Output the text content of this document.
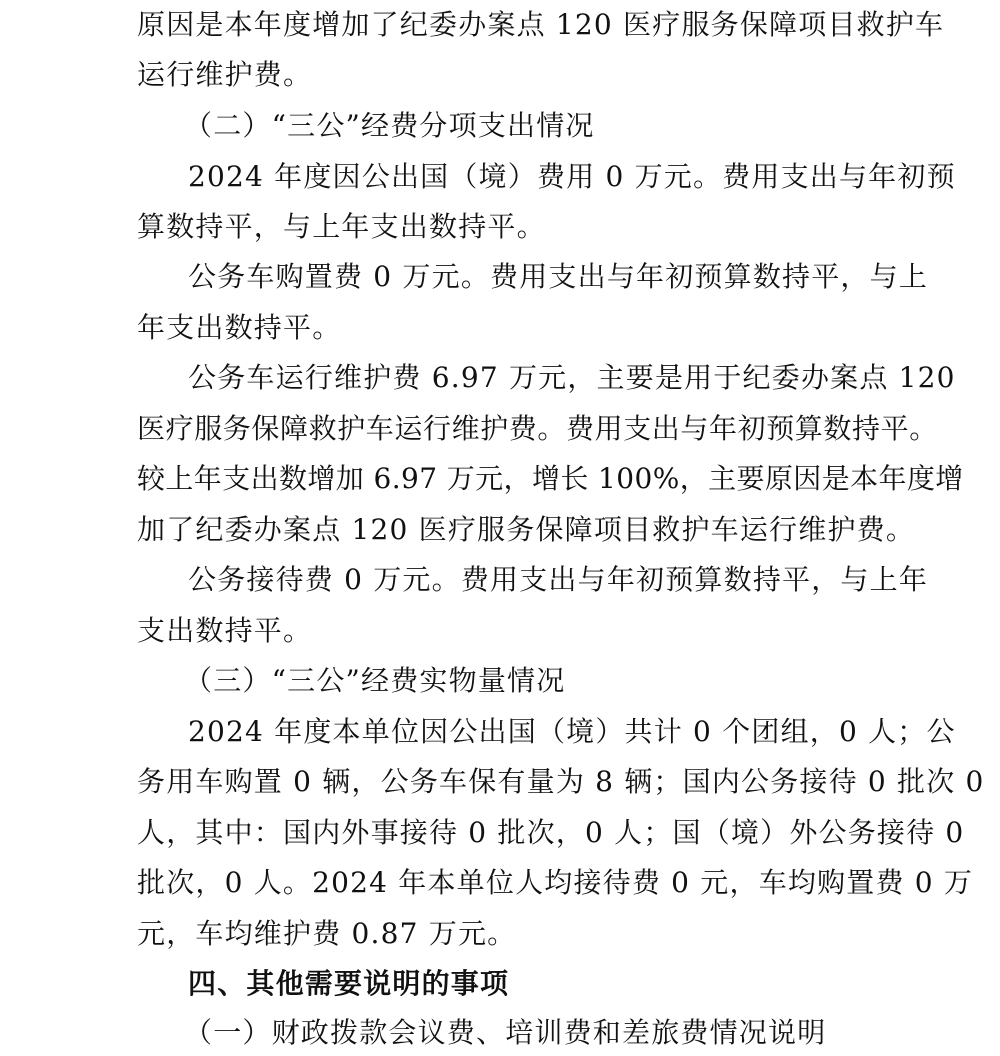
原因是本年度增加了纪委办案点 120 医疗服务保障项目救护车

运行维护费。

（二）“三公”经费分项支出情况

2024 年度因公出国（境）费用 0 万元。费用支出与年初预

算数持平，与上年支出数持平。

公务车购置费 0 万元。费用支出与年初预算数持平，与上

年支出数持平。

公务车运行维护费 6.97 万元，主要是用于纪委办案点 120

医疗服务保障救护车运行维护费。费用支出与年初预算数持平。

较上年支出数增加 6.97 万元，增长 100%，主要原因是本年度增

加了纪委办案点 120 医疗服务保障项目救护车运行维护费。

公务接待费 0 万元。费用支出与年初预算数持平，与上年

支出数持平。

（三）“三公”经费实物量情况

2024 年度本单位因公出国（境）共计 0 个团组，0 人；公

务用车购置 0 辆，公务车保有量为 8 辆；国内公务接待 0 批次 0

人，其中：国内外事接待 0 批次，0 人；国（境）外公务接待 0

批次，0 人。2024 年本单位人均接待费 0 元，车均购置费 0 万

元，车均维护费 0.87 万元。

四、其他需要说明的事项

（一）财政拨款会议费、培训费和差旅费情况说明
